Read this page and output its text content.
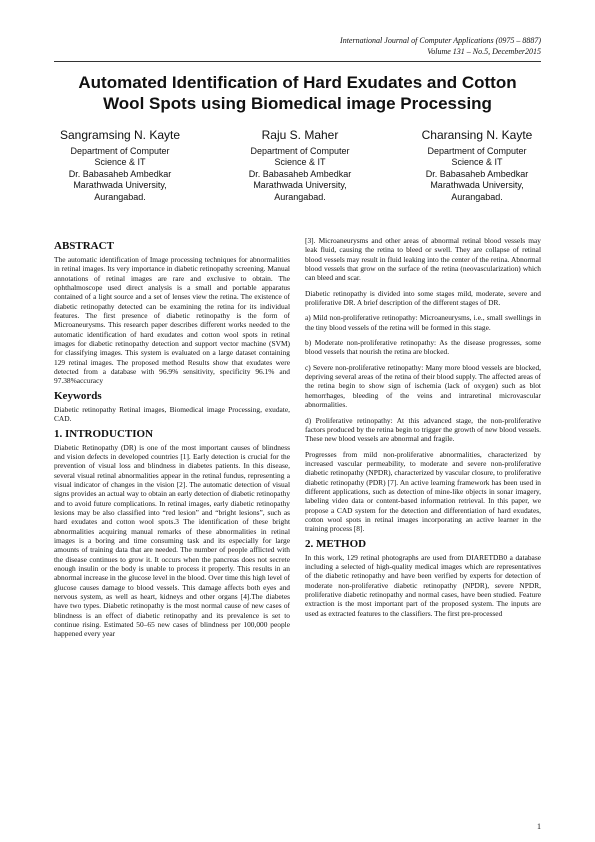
International Journal of Computer Applications (0975 – 8887)
Volume 131 – No.5, December2015
Automated Identification of Hard Exudates and Cotton
Wool Spots using Biomedical image Processing
Sangramsing N. Kayte
Department of Computer
Science & IT
Dr. Babasaheb Ambedkar
Marathwada University,
Aurangabad.
Raju S. Maher
Department of Computer
Science & IT
Dr. Babasaheb Ambedkar
Marathwada University,
Aurangabad.
Charansing N. Kayte
Department of Computer
Science & IT
Dr. Babasaheb Ambedkar
Marathwada University,
Aurangabad.
ABSTRACT

The automatic identification of Image processing techniques for abnormalities in retinal images. Its very importance in diabetic retinopathy screening. Manual annotations of retinal images are rare and exclusive to obtain. The ophthalmoscope used direct analysis is a small and portable apparatus contained of a light source and a set of lenses view the retina. The existence of diabetic retinopathy detected can be examining the retina for its individual features. The first presence of diabetic retinopathy is the form of Microaneurysms. This research paper describes different works needed to the automatic identification of hard exudates and cotton wool spots in retinal images for diabetic retinopathy detection and support vector machine (SVM) for classifying images. This system is evaluated on a large dataset containing 129 retinal images. The proposed method Results show that exudates were detected from a database with 96.9% sensitivity, specificity 96.1% and 97.38%accuracy

Keywords

Diabetic retinopathy Retinal images, Biomedical image Processing, exudate, CAD.

1. INTRODUCTION

Diabetic Retinopathy (DR) is one of the most important causes of blindness and vision defects in developed countries [1]. Early detection is crucial for the prevention of visual loss and blindness in diabetes patients. In this disease, several visual retinal abnormalities appear in the retinal fundus, representing a visual indicator of changes in the vision [2]. The automatic detection of visual signs provides an actual way to obtain an early detection of diabetic retinopathy and to avoid future complications. In retinal images, early diabetic retinopathy lesions may be also classified into “red lesion” and “bright lesions”, such as hard exudates and cotton wool spots.3 The identification of these bright abnormalities acquiring manual remarks of these abnormalities in retinal images is a boring and time consuming task and its especially for large amounts of training data that are needed. The number of people afflicted with the disease continues to grow it. It occurs when the pancreas does not secrete enough insulin or the body is unable to process it properly. This results in an abnormal increase in the glucose level in the blood. Over time this high level of glucose causes damage to blood vessels. This damage affects both eyes and nervous system, as well as heart, kidneys and other organs [4].The diabetes have two types. Diabetic retinopathy is the most normal cause of new cases of blindness is an effect of diabetic retinopathy and its prevalence is set to continue rising. Estimated 50–65 new cases of blindness per 100,000 people happened every year

[3]. Microaneurysms and other areas of abnormal retinal blood vessels may leak fluid, causing the retina to bleed or swell. They are collapse of retinal blood vessels may result in fluid leaking into the center of the retina. Abnormal blood vessels that grow on the surface of the retina (neovascularization) which can bleed and scar.

Diabetic retinopathy is divided into some stages mild, moderate, severe and proliferative DR. A brief description of the different stages of DR.

a) Mild non-proliferative retinopathy: Microaneurysms, i.e., small swellings in the tiny blood vessels of the retina will be formed in this stage.

b) Moderate non-proliferative retinopathy: As the disease progresses, some blood vessels that nourish the retina are blocked.

c) Severe non-proliferative retinopathy: Many more blood vessels are blocked, depriving several areas of the retina of their blood supply. The affected areas of the retina begin to show sign of ischemia (lack of oxygen) such as blot hemorrhages, bleeding of the veins and intraretinal microvascular abnormalities.

d) Proliferative retinopathy: At this advanced stage, the non-proliferative factors produced by the retina begin to trigger the growth of new blood vessels. These new blood vessels are abnormal and fragile.

Progresses from mild non-proliferative abnormalities, characterized by increased vascular permeability, to moderate and severe non-proliferative diabetic retinopathy (NPDR), characterized by vascular closure, to proliferative diabetic retinopathy (PDR) [7]. An active learning framework has been used in different applications, such as detection of mine-like objects in sonar imagery, labeling video data or content-based information retrieval. In this paper, we propose a CAD system for the detection and differentiation of hard exudates, cotton wool spots in retinal images incorporating an active learner in the training process [8].

2. METHOD

In this work, 129 retinal photographs are used from DIARETDB0 a database including a selected of high-quality medical images which are representatives of the diabetic retinopathy and have been verified by experts for detection of moderate non-proliferative diabetic retinopathy (NPDR), severe NPDR, proliferative diabetic retinopathy and normal cases, have been studied. Feature extraction is the most important part of the proposed system. The inputs are used as extracted features to the classifiers. The first pre-processed

1
